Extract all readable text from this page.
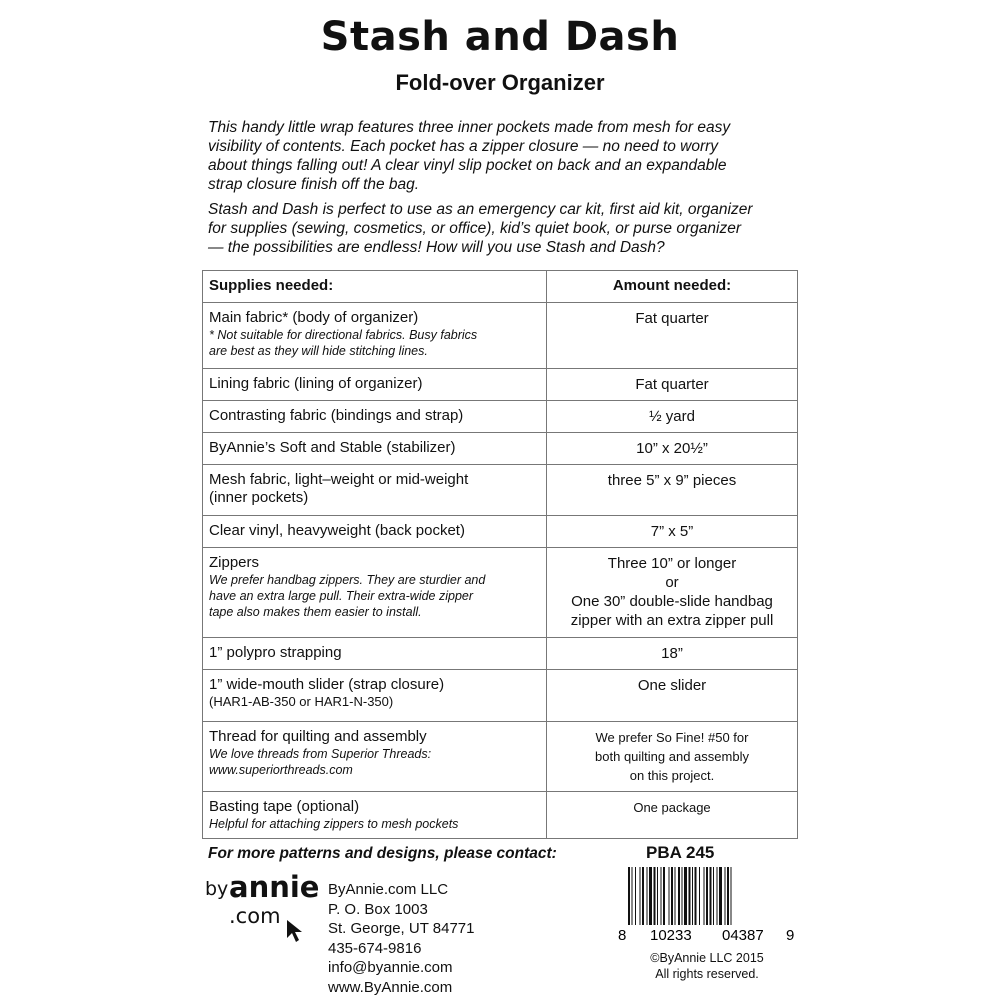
Stash and Dash
Fold-over Organizer

This handy little wrap features three inner pockets made from mesh for easy

visibility of contents. Each pocket has a zipper closure — no need to worry

about things falling out! A clear vinyl slip pocket on back and an expandable

strap closure finish off the bag.

Stash and Dash is perfect to use as an emergency car kit, first aid kit, organizer

for supplies (sewing, cosmetics, or office), kid’s quiet book, or purse organizer

— the possibilities are endless! How will you use Stash and Dash?

Supplies needed:	Amount needed:
Main fabric* (body of organizer)
* Not suitable for directional fabrics. Busy fabrics
are best as they will hide stitching lines.	Fat quarter
Lining fabric (lining of organizer)	Fat quarter
Contrasting fabric (bindings and strap)	½ yard
ByAnnie’s Soft and Stable (stabilizer)	10” x 20½”

Mesh fabric, light–weight or mid-weight
(inner pockets)	three 5” x 9” pieces
Clear vinyl, heavyweight (back pocket)	7” x 5”
Zippers
We prefer handbag zippers. They are sturdier and
have an extra large pull. Their extra-wide zipper
tape also makes them easier to install.	Three 10” or longer
or
One 30” double-slide handbag
zipper with an extra zipper pull

1” polypro strapping	18”
1” wide-mouth slider (strap closure)
(HAR1-AB-350 or HAR1-N-350)	One slider
Thread for quilting and assembly
We love threads from Superior Threads:
www.superiorthreads.com	We prefer So Fine! #50 for
both quilting and assembly
on this project.

Basting tape (optional)
Helpful for attaching zippers to mesh pockets	One package
For more patterns and designs, please contact:
by annie
.com
ByAnnie.com LLC
P. O. Box 1003
St. George, UT 84771
435-674-9816
info@byannie.com
www.ByAnnie.com
PBA 245
8 10233 04387 9
©ByAnnie LLC 2015
All rights reserved.
